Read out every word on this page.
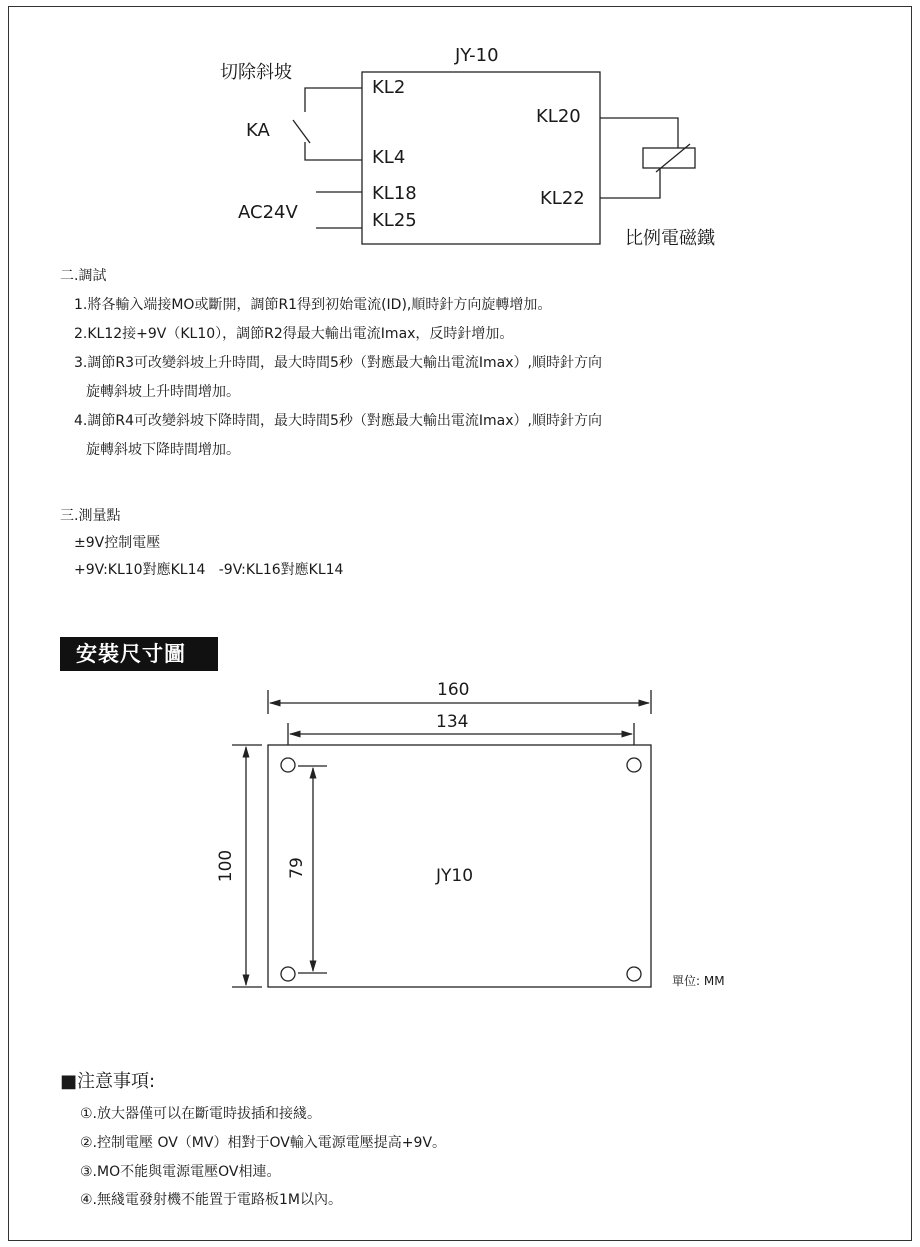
JY-10
切除斜坡
KA
AC24V
比例電磁鐵
KL2
KL4
KL18
KL25
KL20
KL22
二.調試
1.將各輸入端接MO或斷開，調節R1得到初始電流(ID),順時針方向旋轉增加。
2.KL12接+9V（KL10），調節R2得最大輸出電流Imax，反時針增加。
3.調節R3可改變斜坡上升時間，最大時間5秒（對應最大輸出電流Imax）,順時針方向
旋轉斜坡上升時間增加。
4.調節R4可改變斜坡下降時間，最大時間5秒（對應最大輸出電流Imax）,順時針方向
旋轉斜坡下降時間增加。
三.測量點
±9V控制電壓
+9V:KL10對應KL14   -9V:KL16對應KL14
安裝尺寸圖
160
134
100	79	JY10
單位: MM
■注意事項:
①.放大器僅可以在斷電時拔插和接綫。
②.控制電壓 OV（MV）相對于OV輸入電源電壓提高+9V。
③.MO不能與電源電壓OV相連。
④.無綫電發射機不能置于電路板1M以內。
